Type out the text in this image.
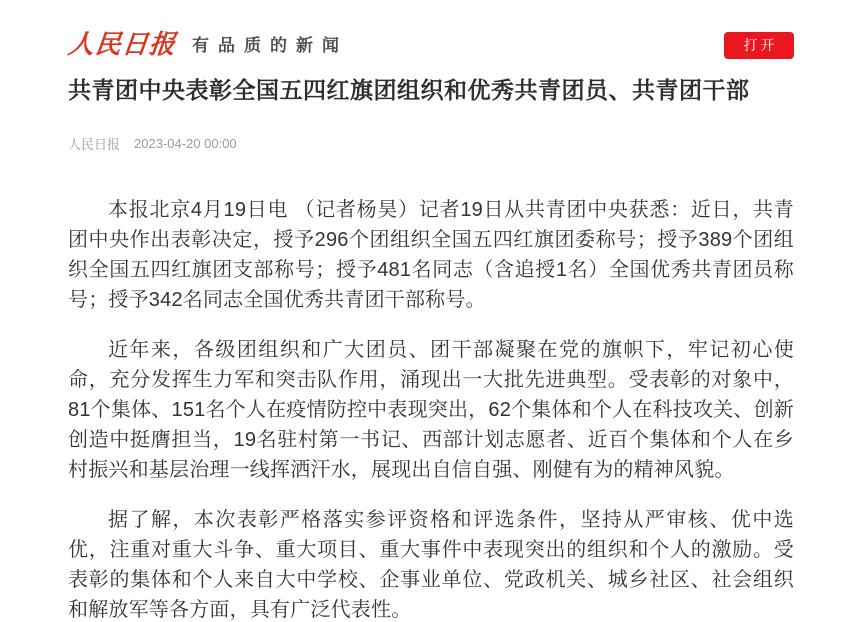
人民日报 有品质的新闻	打开
共青团中央表彰全国五四红旗团组织和优秀共青团员、共青团干部
人民日报 2023-04-20 00:00

本报北京4月19日电 （记者杨昊）记者19日从共青团中央获悉：近日，共青团中央作出表彰决定，授予296个团组织全国五四红旗团委称号；授予389个团组织全国五四红旗团支部称号；授予481名同志（含追授1名）全国优秀共青团员称号；授予342名同志全国优秀共青团干部称号。

近年来，各级团组织和广大团员、团干部凝聚在党的旗帜下，牢记初心使命，充分发挥生力军和突击队作用，涌现出一大批先进典型。受表彰的对象中，81个集体、151名个人在疫情防控中表现突出，62个集体和个人在科技攻关、创新创造中挺膺担当，19名驻村第一书记、西部计划志愿者、近百个集体和个人在乡村振兴和基层治理一线挥洒汗水，展现出自信自强、刚健有为的精神风貌。

据了解，本次表彰严格落实参评资格和评选条件，坚持从严审核、优中选优，注重对重大斗争、重大项目、重大事件中表现突出的组织和个人的激励。受表彰的集体和个人来自大中学校、企事业单位、党政机关、城乡社区、社会组织和解放军等各方面，具有广泛代表性。
